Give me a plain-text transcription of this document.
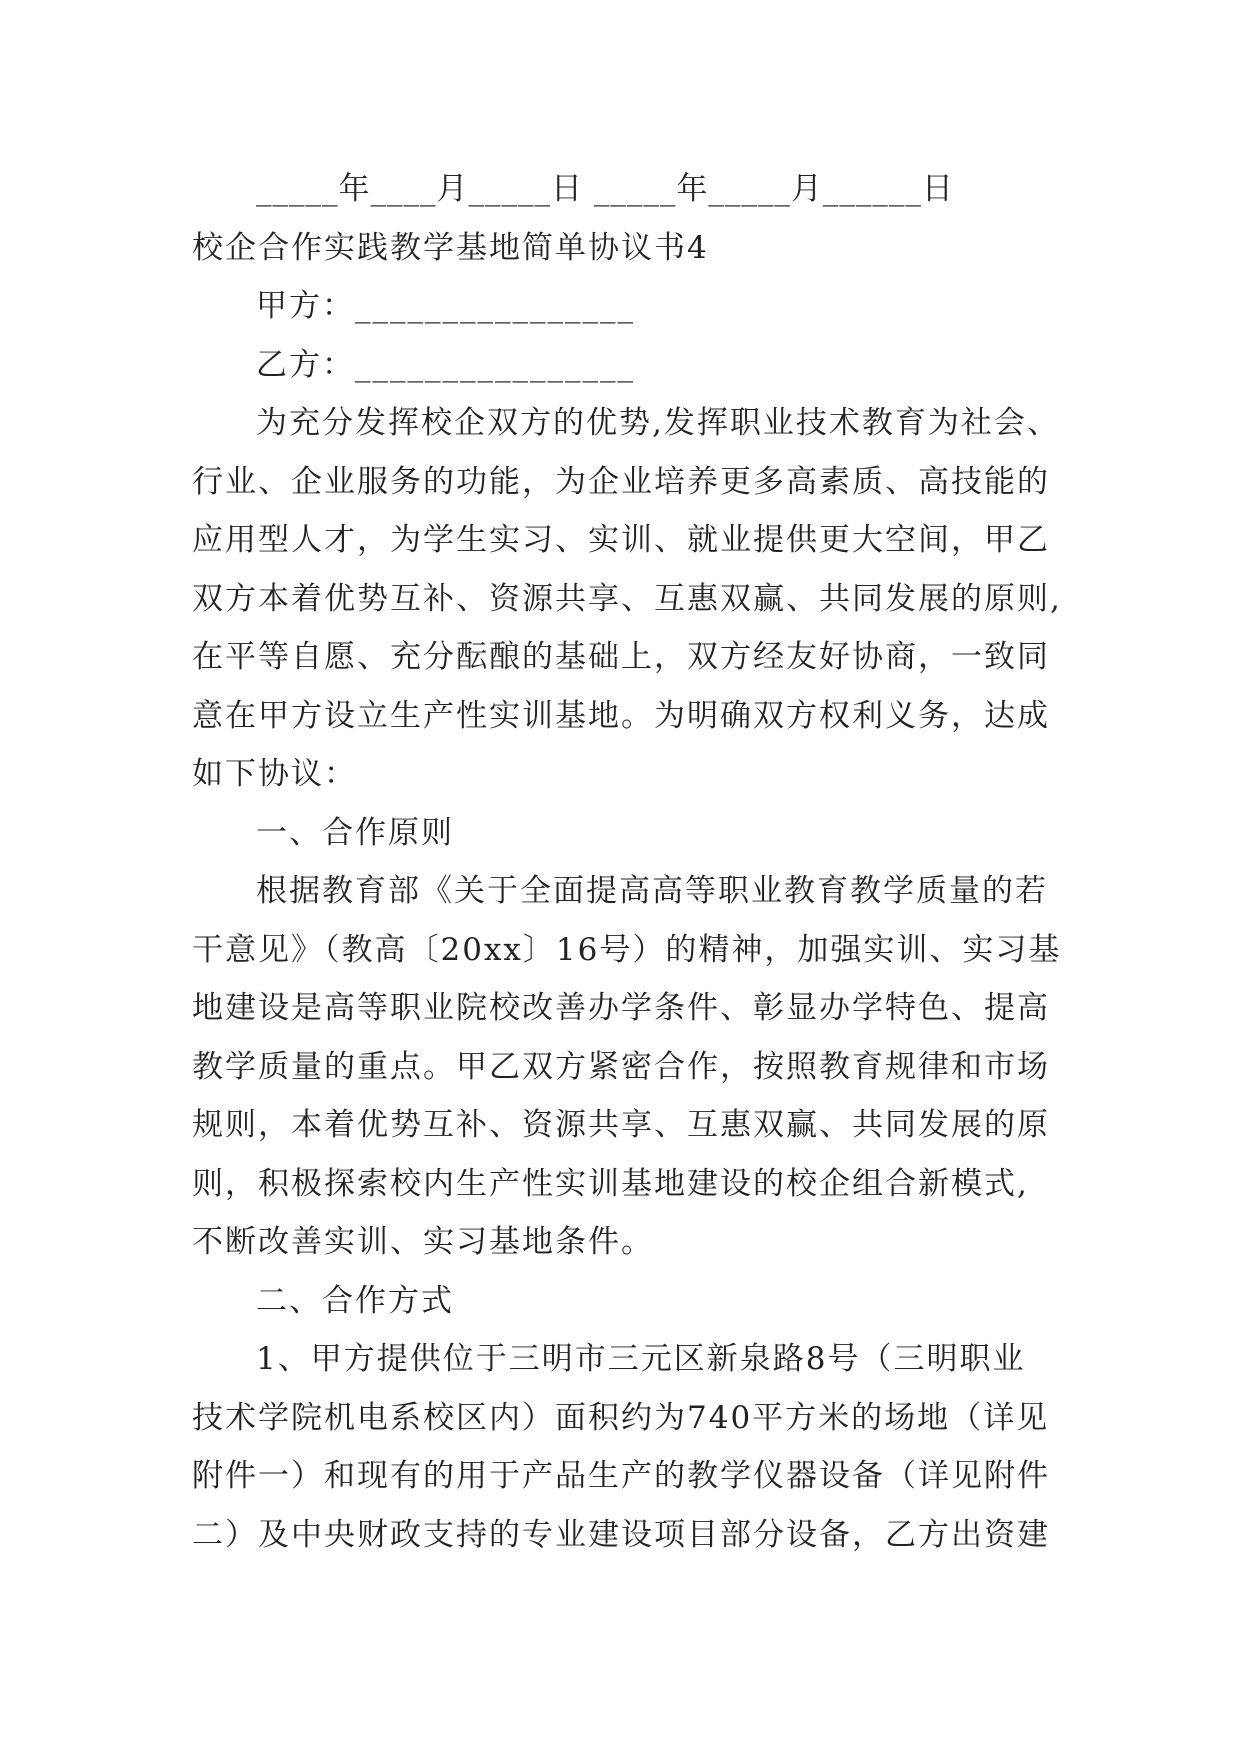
_____年____月_____日 _____年_____月______日
校企合作实践教学基地简单协议书4
甲方：________________
乙方：________________
为充分发挥校企双方的优势,发挥职业技术教育为社会、
行业、企业服务的功能，为企业培养更多高素质、高技能的
应用型人才，为学生实习、实训、就业提供更大空间，甲乙
双方本着优势互补、资源共享、互惠双赢、共同发展的原则,
在平等自愿、充分酝酿的基础上，双方经友好协商，一致同
意在甲方设立生产性实训基地。为明确双方权利义务，达成
如下协议：
一、合作原则
根据教育部《关于全面提高高等职业教育教学质量的若
干意见》（教高〔20xx〕16号）的精神，加强实训、实习基
地建设是高等职业院校改善办学条件、彰显办学特色、提高
教学质量的重点。甲乙双方紧密合作，按照教育规律和市场
规则，本着优势互补、资源共享、互惠双赢、共同发展的原
则，积极探索校内生产性实训基地建设的校企组合新模式,
不断改善实训、实习基地条件。
二、合作方式
1、甲方提供位于三明市三元区新泉路8号（三明职业
技术学院机电系校区内）面积约为740平方米的场地（详见
附件一）和现有的用于产品生产的教学仪器设备（详见附件
二）及中央财政支持的专业建设项目部分设备，乙方出资建
